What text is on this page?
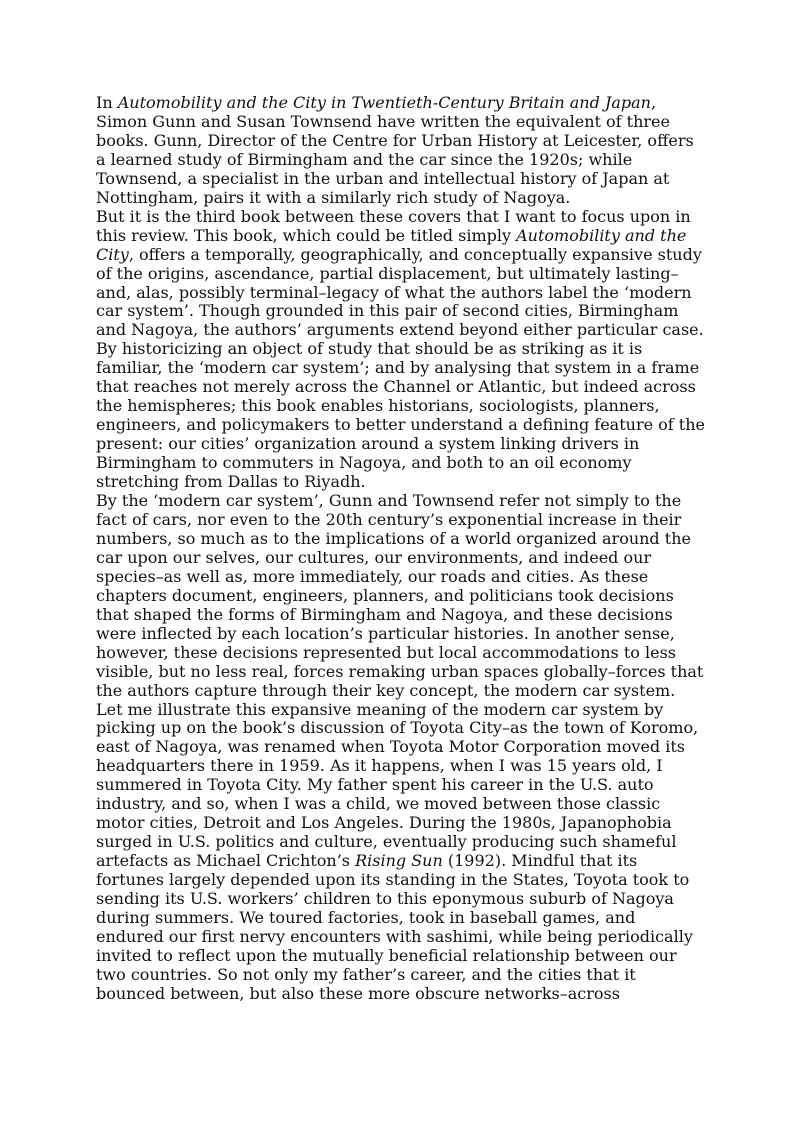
In Automobility and the City in Twentieth-Century Britain and Japan, Simon Gunn and Susan Townsend have written the equivalent of three books. Gunn, Director of the Centre for Urban History at Leicester, offers a learned study of Birmingham and the car since the 1920s; while Townsend, a specialist in the urban and intellectual history of Japan at Nottingham, pairs it with a similarly rich study of Nagoya.

But it is the third book between these covers that I want to focus upon in this review. This book, which could be titled simply Automobility and the City, offers a temporally, geographically, and conceptually expansive study of the origins, ascendance, partial displacement, but ultimately lasting–and, alas, possibly terminal–legacy of what the authors label the ‘modern car system’. Though grounded in this pair of second cities, Birmingham and Nagoya, the authors’ arguments extend beyond either particular case. By historicizing an object of study that should be as striking as it is familiar, the ‘modern car system’; and by analysing that system in a frame that reaches not merely across the Channel or Atlantic, but indeed across the hemispheres; this book enables historians, sociologists, planners, engineers, and policymakers to better understand a defining feature of the present: our cities’ organization around a system linking drivers in Birmingham to commuters in Nagoya, and both to an oil economy stretching from Dallas to Riyadh.

By the ‘modern car system’, Gunn and Townsend refer not simply to the fact of cars, nor even to the 20th century’s exponential increase in their numbers, so much as to the implications of a world organized around the car upon our selves, our cultures, our environments, and indeed our species–as well as, more immediately, our roads and cities. As these chapters document, engineers, planners, and politicians took decisions that shaped the forms of Birmingham and Nagoya, and these decisions were inflected by each location’s particular histories. In another sense, however, these decisions represented but local accommodations to less visible, but no less real, forces remaking urban spaces globally–forces that the authors capture through their key concept, the modern car system.

Let me illustrate this expansive meaning of the modern car system by picking up on the book’s discussion of Toyota City–as the town of Koromo, east of Nagoya, was renamed when Toyota Motor Corporation moved its headquarters there in 1959. As it happens, when I was 15 years old, I summered in Toyota City. My father spent his career in the U.S. auto industry, and so, when I was a child, we moved between those classic motor cities, Detroit and Los Angeles. During the 1980s, Japanophobia surged in U.S. politics and culture, eventually producing such shameful artefacts as Michael Crichton’s Rising Sun (1992). Mindful that its fortunes largely depended upon its standing in the States, Toyota took to sending its U.S. workers’ children to this eponymous suburb of Nagoya during summers. We toured factories, took in baseball games, and endured our first nervy encounters with sashimi, while being periodically invited to reflect upon the mutually beneficial relationship between our two countries. So not only my father’s career, and the cities that it bounced between, but also these more obscure networks–across
